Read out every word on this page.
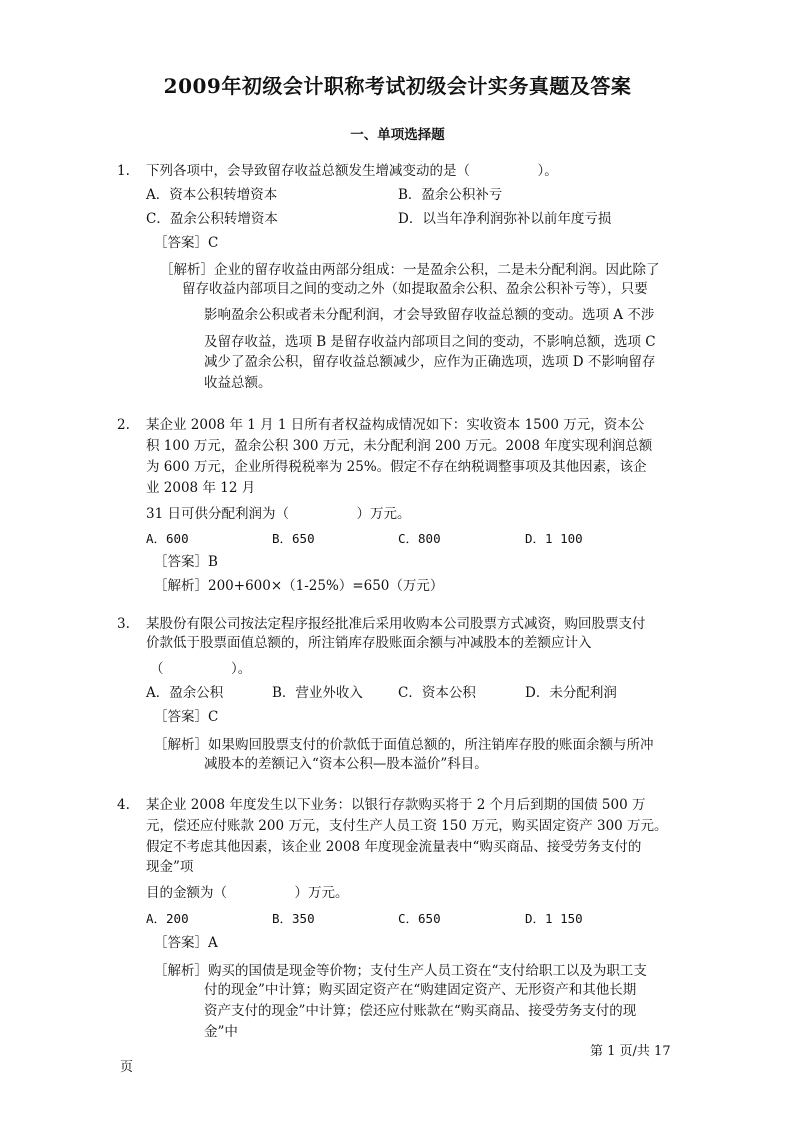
2009年初级会计职称考试初级会计实务真题及答案
一、单项选择题
1. 下列各项中，会导致留存收益总额发生增减变动的是（　　　　　）。
A．资本公积转增资本	B．盈余公积补亏
C．盈余公积转增资本	D．以当年净利润弥补以前年度亏损
［答案］C
［解析］企业的留存收益由两部分组成：一是盈余公积，二是未分配利润。因此除了
留存收益内部项目之间的变动之外（如提取盈余公积、盈余公积补亏等），只要
影响盈余公积或者未分配利润，才会导致留存收益总额的变动。选项 A 不涉
及留存收益，选项 B 是留存收益内部项目之间的变动，不影响总额，选项 C
减少了盈余公积，留存收益总额减少，应作为正确选项，选项 D 不影响留存
收益总额。
2. 某企业 2008 年 1 月 1 日所有者权益构成情况如下：实收资本 1500 万元，资本公
积 100 万元，盈余公积 300 万元，未分配利润 200 万元。2008 年度实现利润总额
为 600 万元，企业所得税税率为 25%。假定不存在纳税调整事项及其他因素，该企
业 2008 年 12 月
31 日可供分配利润为（　　　　　）万元。
A．600	B．650	C．800	D．1 100
［答案］B
［解析］200+600×（1-25%）=650（万元）
3. 某股份有限公司按法定程序报经批准后采用收购本公司股票方式减资，购回股票支付
价款低于股票面值总额的，所注销库存股账面余额与冲减股本的差额应计入
（　　　　　）。
A．盈余公积	B．营业外收入	C．资本公积	D．未分配利润
［答案］C
［解析］如果购回股票支付的价款低于面值总额的，所注销库存股的账面余额与所冲
减股本的差额记入“资本公积—股本溢价”科目。
4. 某企业 2008 年度发生以下业务：以银行存款购买将于 2 个月后到期的国债 500 万
元，偿还应付账款 200 万元，支付生产人员工资 150 万元，购买固定资产 300 万元。
假定不考虑其他因素，该企业 2008 年度现金流量表中“购买商品、接受劳务支付的
现金”项
目的金额为（　　　　　）万元。
A．200	B．350	C．650	D．1 150
［答案］A
［解析］购买的国债是现金等价物；支付生产人员工资在“支付给职工以及为职工支
付的现金”中计算；购买固定资产在“购建固定资产、无形资产和其他长期
资产支付的现金”中计算；偿还应付账款在“购买商品、接受劳务支付的现
金”中
第 1 页/共 17
页
